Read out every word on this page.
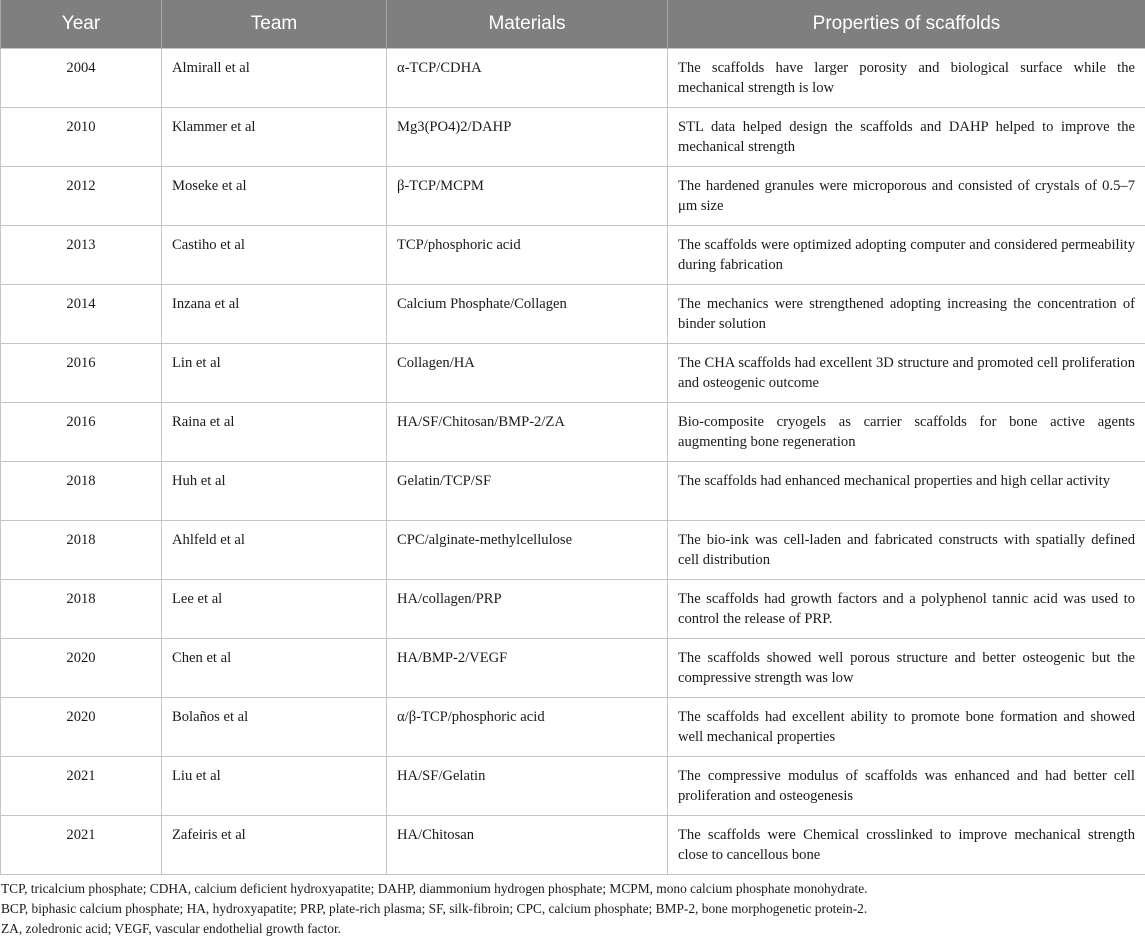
Year	Team	Materials	Properties of scaffolds

2004	Almirall et al	α-TCP/CDHA	The scaffolds have larger porosity and biological surface while the mechanical strength is low

2010	Klammer et al	Mg3(PO4)2/DAHP	STL data helped design the scaffolds and DAHP helped to improve the mechanical strength

2012	Moseke et al	β-TCP/MCPM	The hardened granules were microporous and consisted of crystals of 0.5–7 μm size

2013	Castiho et al	TCP/phosphoric acid	The scaffolds were optimized adopting computer and considered permeability during fabrication

2014	Inzana et al	Calcium Phosphate/Collagen	The mechanics were strengthened adopting increasing the concentration of binder solution

2016	Lin et al	Collagen/HA	The CHA scaffolds had excellent 3D structure and promoted cell proliferation and osteogenic outcome

2016	Raina et al	HA/SF/Chitosan/BMP-2/ZA	Bio-composite cryogels as carrier scaffolds for bone active agents augmenting bone regeneration

2018	Huh et al	Gelatin/TCP/SF	The scaffolds had enhanced mechanical properties and high cellar activity

2018	Ahlfeld et al	CPC/alginate-methylcellulose	The bio-ink was cell-laden and fabricated constructs with spatially defined cell distribution

2018	Lee et al	HA/collagen/PRP	The scaffolds had growth factors and a polyphenol tannic acid was used to control the release of PRP.

2020	Chen et al	HA/BMP-2/VEGF	The scaffolds showed well porous structure and better osteogenic but the compressive strength was low

2020	Bolaños et al	α/β-TCP/phosphoric acid	The scaffolds had excellent ability to promote bone formation and showed well mechanical properties

2021	Liu et al	HA/SF/Gelatin	The compressive modulus of scaffolds was enhanced and had better cell proliferation and osteogenesis

2021	Zafeiris et al	HA/Chitosan	The scaffolds were Chemical crosslinked to improve mechanical strength close to cancellous bone
TCP, tricalcium phosphate; CDHA, calcium deficient hydroxyapatite; DAHP, diammonium hydrogen phosphate; MCPM, mono calcium phosphate monohydrate.
BCP, biphasic calcium phosphate; HA, hydroxyapatite; PRP, plate-rich plasma; SF, silk-fibroin; CPC, calcium phosphate; BMP-2, bone morphogenetic protein-2.
ZA, zoledronic acid; VEGF, vascular endothelial growth factor.
